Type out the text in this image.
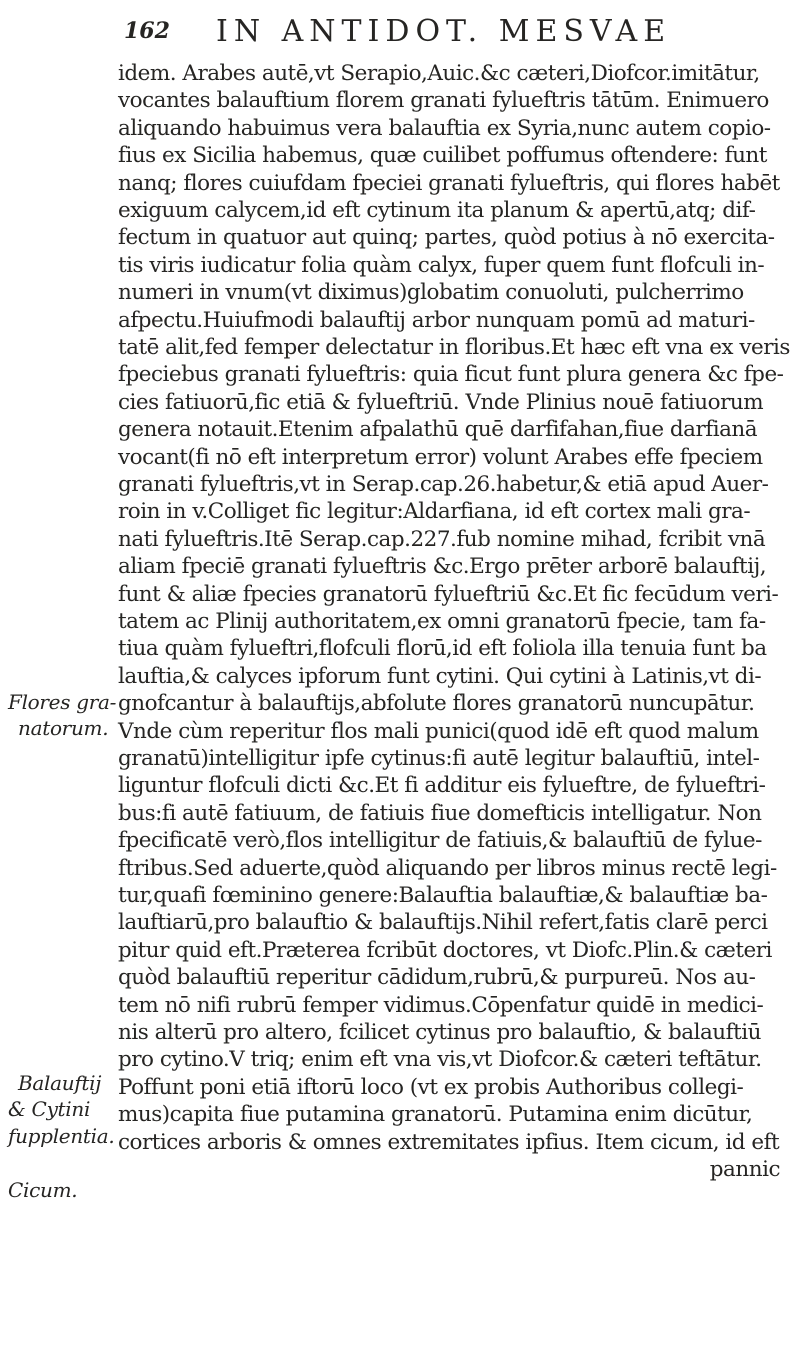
162 IN ANTIDOT. MESVAE
idem. Arabes autē,vt Serapio,Auic.&c cæteri,Diofcor.imitātur,
vocantes balauftium florem granati fylueftris tātūm. Enimuero
aliquando habuimus vera balauftia ex Syria,nunc autem copio-
fius ex Sicilia habemus, quæ cuilibet poffumus oftendere: funt
nanq; flores cuiufdam fpeciei granati fylueftris, qui flores habēt
exiguum calycem,id eft cytinum ita planum & apertū,atq; dif-
fectum in quatuor aut quinq; partes, quòd potius à nō exercita-
tis viris iudicatur folia quàm calyx, fuper quem funt flofculi in-
numeri in vnum(vt diximus)globatim conuoluti, pulcherrimo
afpectu.Huiufmodi balauftij arbor nunquam pomū ad maturi-
tatē alit,fed femper delectatur in floribus.Et hæc eft vna ex veris
fpeciebus granati fylueftris: quia ficut funt plura genera &c fpe-
cies fatiuorū,fic etiā & fylueftriū. Vnde Plinius nouē fatiuorum
genera notauit.Etenim afpalathū quē darfifahan,fiue darfianā
vocant(fi nō eft interpretum error) volunt Arabes effe fpeciem
granati fylueftris,vt in Serap.cap.26.habetur,& etiā apud Auer-
roin in v.Colliget fic legitur:Aldarfiana, id eft cortex mali gra-
nati fylueftris.Itē Serap.cap.227.fub nomine mihad, fcribit vnā
aliam fpeciē granati fylueftris &c.Ergo prēter arborē balauftij,
funt & aliæ fpecies granatorū fylueftriū &c.Et fic fecūdum veri-
tatem ac Plinij authoritatem,ex omni granatorū fpecie, tam fa-
tiua quàm fylueftri,flofculi florū,id eft foliola illa tenuia funt ba
lauftia,& calyces ipforum funt cytini. Qui cytini à Latinis,vt di-
gnofcantur à balauftijs,abfolute flores granatorū nuncupātur.
Vnde cùm reperitur flos mali punici(quod idē eft quod malum
granatū)intelligitur ipfe cytinus:fi autē legitur balauftiū, intel-
liguntur flofculi dicti &c.Et fi additur eis fylueftre, de fylueftri-
bus:fi autē fatiuum, de fatiuis fiue domefticis intelligatur. Non
fpecificatē verò,flos intelligitur de fatiuis,& balauftiū de fylue-
ftribus.Sed aduerte,quòd aliquando per libros minus rectē legi-
tur,quafi fœminino genere:Balauftia balauftiæ,& balauftiæ ba-
lauftiarū,pro balauftio & balauftijs.Nihil refert,fatis clarē perci
pitur quid eft.Præterea fcribūt doctores, vt Diofc.Plin.& cæteri
quòd balauftiū reperitur cādidum,rubrū,& purpureū. Nos au-
tem nō nifi rubrū femper vidimus.Cōpenfatur quidē in medici-
nis alterū pro altero, fcilicet cytinus pro balauftio, & balauftiū
pro cytino.V triq; enim eft vna vis,vt Diofcor.& cæteri teftātur.
Poffunt poni etiā iftorū loco (vt ex probis Authoribus collegi-
mus)capita fiue putamina granatorū. Putamina enim dicūtur,
cortices arboris & omnes extremitates ipfius. Item cicum, id eft
pannic
Flores gra-
natorum.
Balauftij
& Cytini
fupplentia.
Cicum.
